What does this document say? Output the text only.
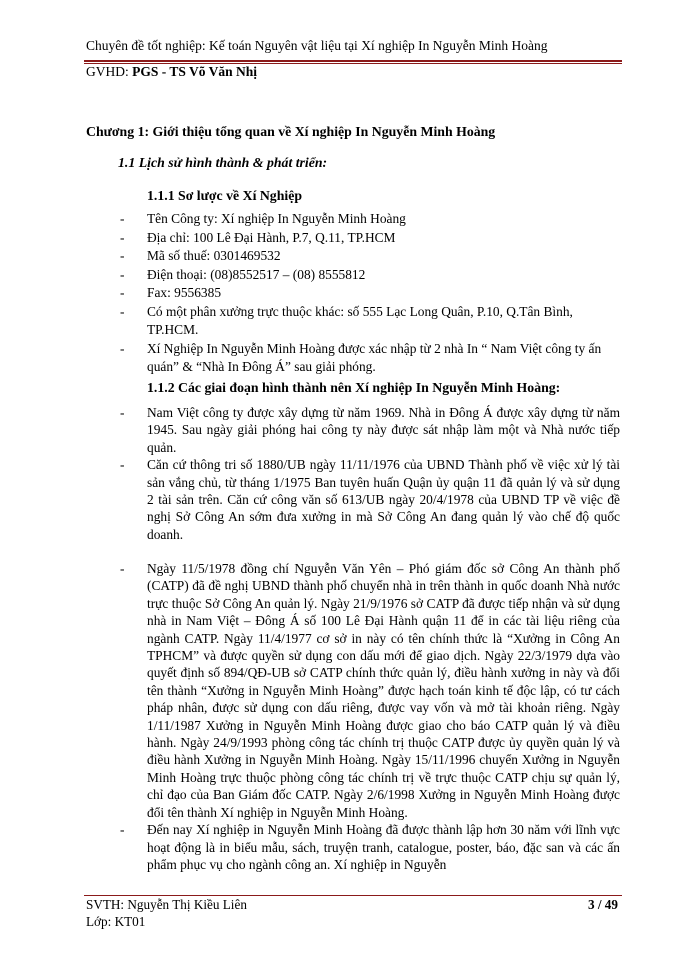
Chuyên đề tốt nghiệp: Kế toán Nguyên vật liệu tại Xí nghiệp In Nguyễn Minh Hoàng
GVHD: PGS - TS Võ Văn Nhị
Chương 1: Giới thiệu tổng quan về Xí nghiệp In Nguyễn Minh Hoàng
1.1 Lịch sử hình thành & phát triển:
1.1.1 Sơ lược về Xí Nghiệp
- Tên Công ty: Xí nghiệp In Nguyễn Minh Hoàng
- Địa chỉ: 100 Lê Đại Hành, P.7, Q.11, TP.HCM
- Mã số thuế: 0301469532
- Điện thoại: (08)8552517 – (08) 8555812
- Fax: 9556385
- Có một phân xưởng trực thuộc khác: số 555 Lạc Long Quân, P.10, Q.Tân Bình, TP.HCM.
- Xí Nghiệp In Nguyễn Minh Hoàng được xác nhập từ 2 nhà In “ Nam Việt công ty ấn quán” & “Nhà In Đông Á” sau giải phóng.
1.1.2 Các giai đoạn hình thành nên Xí nghiệp In Nguyễn Minh Hoàng:
- Nam Việt công ty được xây dựng từ năm 1969. Nhà in Đông Á được xây dựng từ năm 1945. Sau ngày giải phóng hai công ty này được sát nhập làm một và Nhà nước tiếp quản.
- Căn cứ thông tri số 1880/UB ngày 11/11/1976 của UBND Thành phố về việc xử lý tài sản vắng chủ, từ tháng 1/1975 Ban tuyên huấn Quận ủy quận 11 đã quản lý và sử dụng 2 tài sản trên. Căn cứ công văn số 613/UB ngày 20/4/1978 của UBND TP về việc đề nghị Sở Công An sớm đưa xưởng in mà Sở Công An đang quản lý vào chế độ quốc doanh.
- Ngày 11/5/1978 đồng chí Nguyễn Văn Yên – Phó giám đốc sở Công An thành phố (CATP) đã đề nghị UBND thành phố chuyển nhà in trên thành in quốc doanh Nhà nước trực thuộc Sở Công An quản lý. Ngày 21/9/1976 sở CATP đã được tiếp nhận và sử dụng nhà in Nam Việt – Đông Á số 100 Lê Đại Hành quận 11 để in các tài liệu riêng của ngành CATP. Ngày 11/4/1977 cơ sở in này có tên chính thức là “Xưởng in Công An TPHCM” và được quyền sử dụng con dấu mới để giao dịch. Ngày 22/3/1979 dựa vào quyết định số 894/QĐ-UB sở CATP chính thức quản lý, điều hành xưởng in này và đổi tên thành “Xưởng in Nguyễn Minh Hoàng” được hạch toán kinh tế độc lập, có tư cách pháp nhân, được sử dụng con dấu riêng, được vay vốn và mở tài khoản riêng. Ngày 1/11/1987 Xưởng in Nguyễn Minh Hoàng được giao cho báo CATP quản lý và điều hành. Ngày 24/9/1993 phòng công tác chính trị thuộc CATP được ủy quyền quản lý và điều hành Xưởng in Nguyễn Minh Hoàng. Ngày 15/11/1996 chuyển Xưởng in Nguyễn Minh Hoàng trực thuộc phòng công tác chính trị về trực thuộc CATP chịu sự quản lý, chỉ đạo của Ban Giám đốc CATP. Ngày 2/6/1998 Xưởng in Nguyễn Minh Hoàng được đổi tên thành Xí nghiệp in Nguyễn Minh Hoàng.
- Đến nay Xí nghiệp in Nguyễn Minh Hoàng đã được thành lập hơn 30 năm với lĩnh vực hoạt động là in biểu mẫu, sách, truyện tranh, catalogue, poster, báo, đặc san và các ấn phẩm phục vụ cho ngành công an. Xí nghiệp in Nguyễn
SVTH: Nguyễn Thị Kiều Liên
Lớp: KT01
3 / 49
